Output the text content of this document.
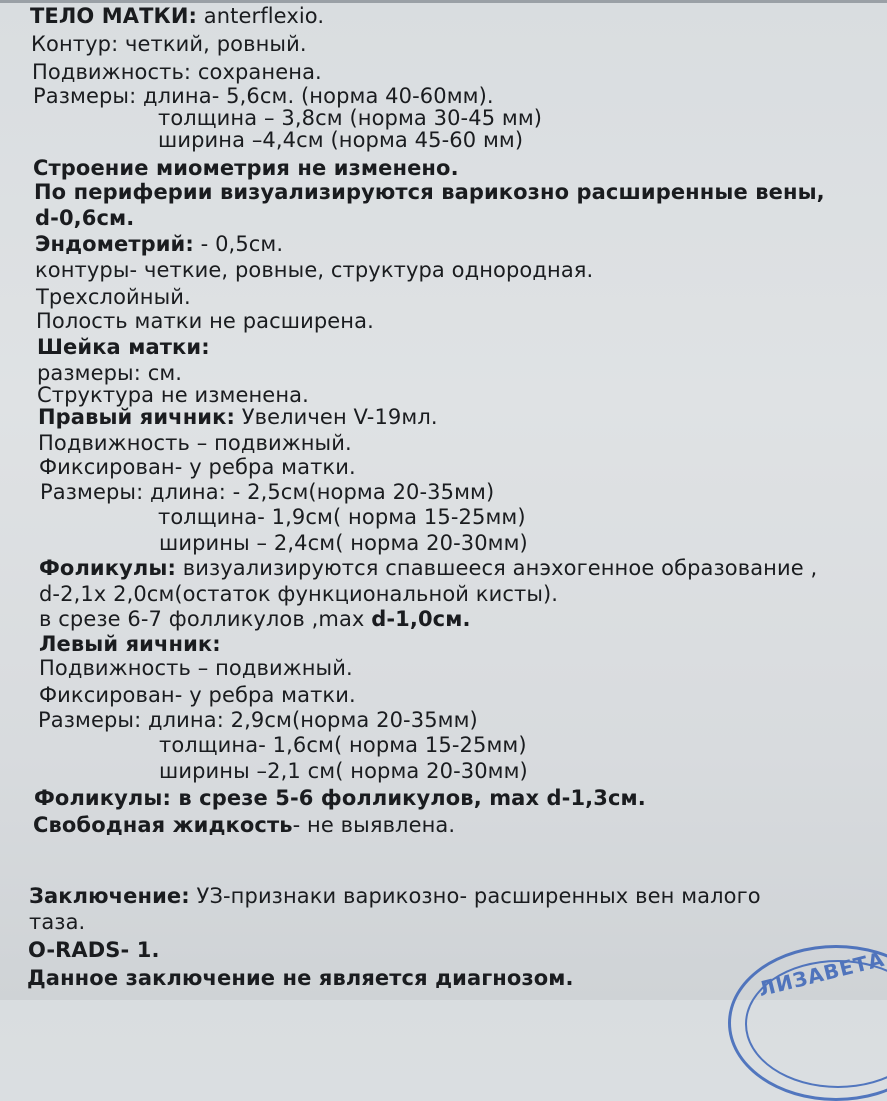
ТЕЛО МАТКИ: anterflexio.
Контур: четкий, ровный.
Подвижность: сохранена.
Размеры: длина- 5,6см. (норма 40-60мм).
толщина – 3,8см (норма 30-45 мм)
ширина –4,4см (норма 45-60 мм)
Строение миометрия не изменено.
По периферии визуализируются варикозно расширенные вены,
d-0,6см.
Эндометрий: - 0,5см.
контуры- четкие, ровные, структура однородная.
Трехслойный.
Полость матки не расширена.
Шейка матки:
размеры: см.
Структура не изменена.
Правый яичник: Увеличен V-19мл.
Подвижность – подвижный.
Фиксирован- у ребра матки.
Размеры: длина: - 2,5см(норма 20-35мм)
толщина- 1,9см( норма 15-25мм)
ширины – 2,4см( норма 20-30мм)
Фоликулы: визуализируются спавшееся анэхогенное образование ,
d-2,1х 2,0см(остаток функциональной кисты).
в срезе 6-7 фолликулов ,max d-1,0см.
Левый яичник:
Подвижность – подвижный.
Фиксирован- у ребра матки.
Размеры: длина: 2,9см(норма 20-35мм)
толщина- 1,6см( норма 15-25мм)
ширины –2,1 см( норма 20-30мм)
Фоликулы: в срезе 5-6 фолликулов, max d-1,3см.
Свободная жидкость- не выявлена.
Заключение: УЗ-признаки варикозно- расширенных вен малого
таза.
O-RADS- 1.
Данное заключение не является диагнозом.	ЛИЗАВЕТА
